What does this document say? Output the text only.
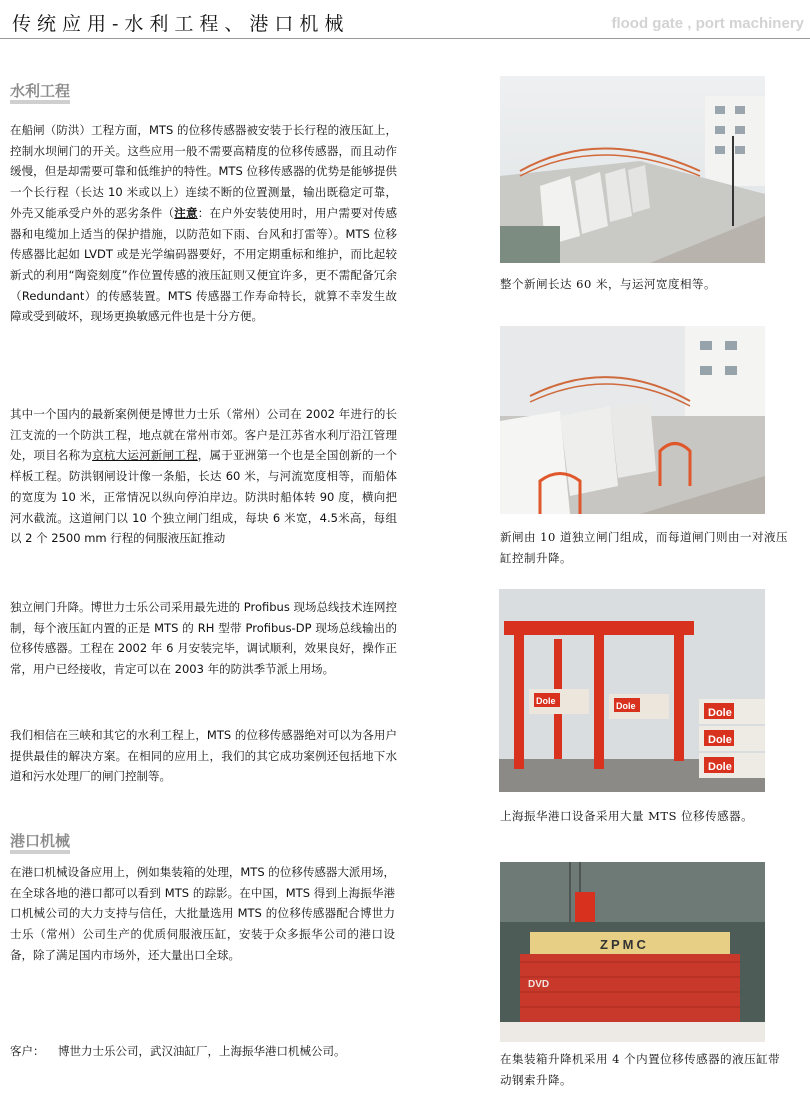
传统应用-水利工程、港口机械	flood gate , port machinery
水利工程

在船闸（防洪）工程方面，MTS 的位移传感器被安装于长行程的液压缸上，控制水坝闸门的开关。这些应用一般不需要高精度的位移传感器，而且动作缓慢，但是却需要可靠和低维护的特性。MTS 位移传感器的优势是能够提供一个长行程（长达 10 米或以上）连续不断的位置测量，输出既稳定可靠，外壳又能承受户外的恶劣条件（注意：在户外安装使用时，用户需要对传感器和电缆加上适当的保护措施，以防范如下雨、台风和打雷等）。MTS 位移传感器比起如 LVDT 或是光学编码器要好，不用定期重标和维护，而比起较新式的利用“陶瓷刻度”作位置传感的液压缸则又便宜许多，更不需配备冗余（Redundant）的传感装置。MTS 传感器工作寿命特长，就算不幸发生故障或受到破坏，现场更换敏感元件也是十分方便。

其中一个国内的最新案例便是博世力士乐（常州）公司在 2002 年进行的长江支流的一个防洪工程，地点就在常州市郊。客户是江苏省水利厅沿江管理处，项目名称为京杭大运河新闸工程，属于亚洲第一个也是全国创新的一个样板工程。防洪钢闸设计像一条船，长达 60 米，与河流宽度相等，而船体的宽度为 10 米，正常情况以纵向停泊岸边。防洪时船体转 90 度，横向把河水截流。这道闸门以 10 个独立闸门组成，每块 6 米宽，4.5米高，每组以 2 个 2500 mm 行程的伺服液压缸推动

独立闸门升降。博世力士乐公司采用最先进的 Profibus 现场总线技术连网控制，每个液压缸内置的正是 MTS 的 RH 型带 Profibus-DP 现场总线输出的位移传感器。工程在 2002 年 6 月安装完毕，调试顺利，效果良好，操作正常，用户已经接收，肯定可以在 2003 年的防洪季节派上用场。

我们相信在三峡和其它的水利工程上，MTS 的位移传感器绝对可以为各用户提供最佳的解决方案。在相同的应用上，我们的其它成功案例还包括地下水道和污水处理厂的闸门控制等。

港口机械

在港口机械设备应用上，例如集装箱的处理，MTS 的位移传感器大派用场，在全球各地的港口都可以看到 MTS 的踪影。在中国，MTS 得到上海振华港口机械公司的大力支持与信任，大批量选用 MTS 的位移传感器配合博世力士乐（常州）公司生产的优质伺服液压缸，安装于众多振华公司的港口设备，除了满足国内市场外，还大量出口全球。

客户： 博世力士乐公司，武汉油缸厂，上海振华港口机械公司。

整个新闸长达 60 米，与运河宽度相等。

新闸由 10 道独立闸门组成，而每道闸门则由一对液压缸控制升降。

Dole
Dole
Dole
Dole	Dole

上海振华港口设备采用大量 MTS 位移传感器。

ZPMC
DVD

在集装箱升降机采用 4 个内置位移传感器的液压缸带动钢索升降。
